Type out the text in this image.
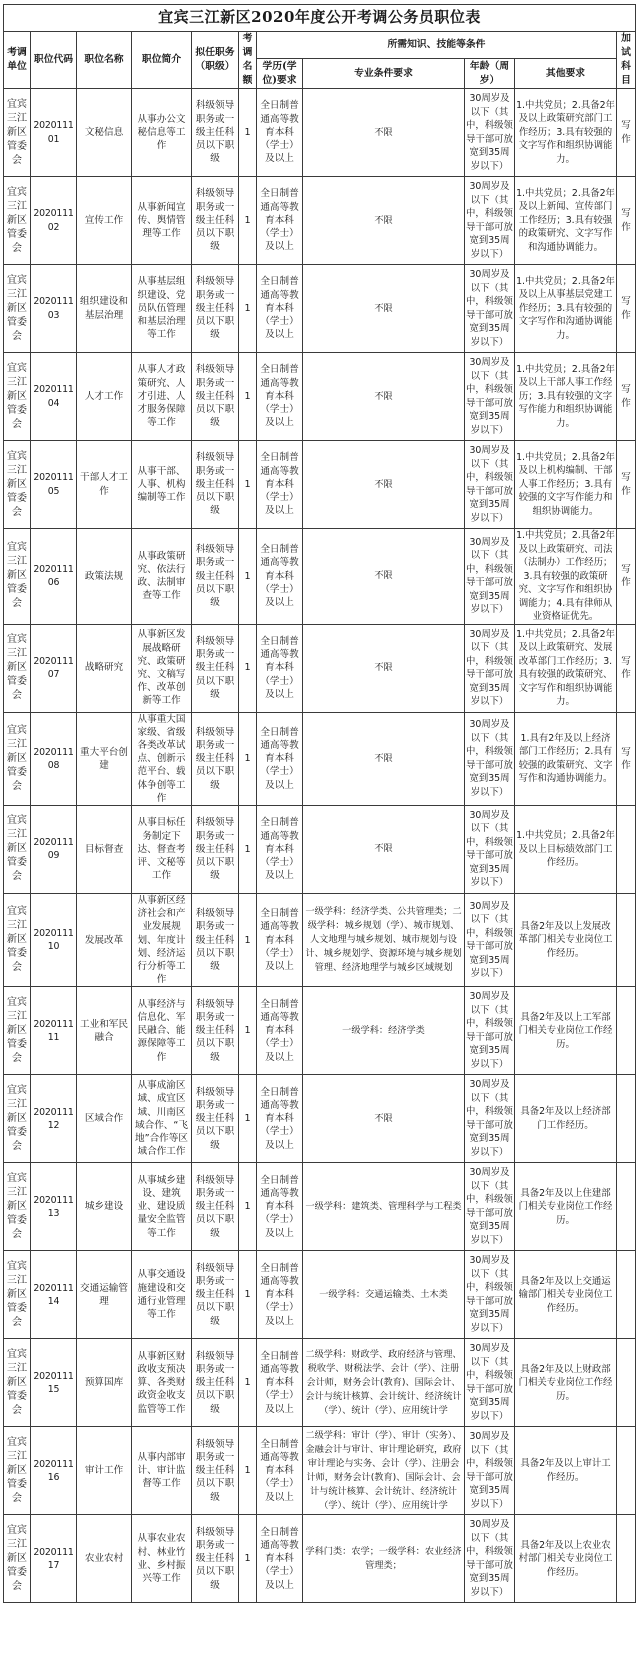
宜宾三江新区2020年度公开考调公务员职位表										
考调单位	职位代码	职位名称	职位简介	拟任职务（职级）	考调名额	所需知识、技能等条件				加试科目
						学历(学位)要求	专业条件要求	年龄（周岁）	其他要求	
宜宾三江新区管委会	202011101	文秘信息	从事办公文秘信息等工作	科级领导职务或一级主任科员以下职级	1	全日制普通高等教育本科（学士）及以上	不限	30周岁及以下（其中，科级领导干部可放宽到35周岁以下）	1.中共党员；2.具备2年及以上政策研究部门工作经历；3.具有较强的文字写作和组织协调能力。	写作
宜宾三江新区管委会	202011102	宣传工作	从事新闻宣传、舆情管理等工作	科级领导职务或一级主任科员以下职级	1	全日制普通高等教育本科（学士）及以上	不限	30周岁及以下（其中，科级领导干部可放宽到35周岁以下）	1.中共党员；2.具备2年及以上新闻、宣传部门工作经历；3.具有较强的政策研究、文字写作和沟通协调能力。	写作
宜宾三江新区管委会	202011103	组织建设和基层治理	从事基层组织建设、党员队伍管理和基层治理等工作	科级领导职务或一级主任科员以下职级	1	全日制普通高等教育本科（学士）及以上	不限	30周岁及以下（其中，科级领导干部可放宽到35周岁以下）	1.中共党员；2.具备2年及以上从事基层党建工作经历；3.具有较强的文字写作和沟通协调能力。	写作
宜宾三江新区管委会	202011104	人才工作	从事人才政策研究、人才引进、人才服务保障等工作	科级领导职务或一级主任科员以下职级	1	全日制普通高等教育本科（学士）及以上	不限	30周岁及以下（其中，科级领导干部可放宽到35周岁以下）	1.中共党员；2.具备2年及以上干部人事工作经历；3.具有较强的文字写作能力和组织协调能力。	写作
宜宾三江新区管委会	202011105	干部人才工作	从事干部、人事、机构编制等工作	科级领导职务或一级主任科员以下职级	1	全日制普通高等教育本科（学士）及以上	不限	30周岁及以下（其中，科级领导干部可放宽到35周岁以下）	1.中共党员；2.具备2年及以上机构编制、干部人事工作经历；3.具有较强的文字写作能力和组织协调能力。	写作
宜宾三江新区管委会	202011106	政策法规	从事政策研究、依法行政、法制审查等工作	科级领导职务或一级主任科员以下职级	1	全日制普通高等教育本科（学士）及以上	不限	30周岁及以下（其中，科级领导干部可放宽到35周岁以下）	1.中共党员；2.具备2年及以上政策研究、司法（法制办）工作经历；3.具有较强的政策研究、文字写作和组织协调能力；4.具有律师从业资格证优先。	写作
宜宾三江新区管委会	202011107	战略研究	从事新区发展战略研究、政策研究、文稿写作、改革创新等工作	科级领导职务或一级主任科员以下职级	1	全日制普通高等教育本科（学士）及以上	不限	30周岁及以下（其中，科级领导干部可放宽到35周岁以下）	1.中共党员；2.具备2年及以上政策研究、发展改革部门工作经历；3.具有较强的政策研究、文字写作和组织协调能力。	写作
宜宾三江新区管委会	202011108	重大平台创建	从事重大国家级、省级各类改革试点、创新示范平台、载体争创等工作	科级领导职务或一级主任科员以下职级	1	全日制普通高等教育本科（学士）及以上	不限	30周岁及以下（其中，科级领导干部可放宽到35周岁以下）	1.具有2年及以上经济部门工作经历；2.具有较强的政策研究、文字写作和沟通协调能力。	写作
宜宾三江新区管委会	202011109	目标督查	从事目标任务制定下达、督查考评、文秘等工作	科级领导职务或一级主任科员以下职级	1	全日制普通高等教育本科（学士）及以上	不限	30周岁及以下（其中，科级领导干部可放宽到35周岁以下）	1.中共党员；2.具备2年及以上目标绩效部门工作经历。	
宜宾三江新区管委会	202011110	发展改革	从事新区经济社会和产业发展规划、年度计划、经济运行分析等工作	科级领导职务或一级主任科员以下职级	1	全日制普通高等教育本科（学士）及以上	一级学科：经济学类、公共管理类；二级学科：城乡规划（学）、城市规划、人文地理与城乡规划、城市规划与设计、城乡规划学、资源环境与城乡规划管理、经济地理学与城乡区域规划	30周岁及以下（其中，科级领导干部可放宽到35周岁以下）	具备2年及以上发展改革部门相关专业岗位工作经历。	
宜宾三江新区管委会	202011111	工业和军民融合	从事经济与信息化、军民融合、能源保障等工作	科级领导职务或一级主任科员以下职级	1	全日制普通高等教育本科（学士）及以上	一级学科：经济学类	30周岁及以下（其中，科级领导干部可放宽到35周岁以下）	具备2年及以上工军部门相关专业岗位工作经历。	
宜宾三江新区管委会	202011112	区域合作	从事成渝区域、成宜区域、川南区域合作、“飞地”合作等区域合作工作	科级领导职务或一级主任科员以下职级	1	全日制普通高等教育本科（学士）及以上	不限	30周岁及以下（其中，科级领导干部可放宽到35周岁以下）	具备2年及以上经济部门工作经历。	
宜宾三江新区管委会	202011113	城乡建设	从事城乡建设、建筑业、建设质量安全监管等工作	科级领导职务或一级主任科员以下职级	1	全日制普通高等教育本科（学士）及以上	一级学科：建筑类、管理科学与工程类	30周岁及以下（其中，科级领导干部可放宽到35周岁以下）	具备2年及以上住建部门相关专业岗位工作经历。	
宜宾三江新区管委会	202011114	交通运输管理	从事交通设施建设和交通行业管理等工作	科级领导职务或一级主任科员以下职级	1	全日制普通高等教育本科（学士）及以上	一级学科：交通运输类、土木类	30周岁及以下（其中，科级领导干部可放宽到35周岁以下）	具备2年及以上交通运输部门相关专业岗位工作经历。	
宜宾三江新区管委会	202011115	预算国库	从事新区财政收支预决算、各类财政资金收支监管等工作	科级领导职务或一级主任科员以下职级	1	全日制普通高等教育本科（学士）及以上	二级学科：财政学、政府经济与管理、税收学、财税法学、会计（学）、注册会计师，财务会计(教育)、国际会计、会计与统计核算、会计统计、经济统计（学）、统计（学）、应用统计学	30周岁及以下（其中，科级领导干部可放宽到35周岁以下）	具备2年及以上财政部门相关专业岗位工作经历。	
宜宾三江新区管委会	202011116	审计工作	从事内部审计、审计监督等工作	科级领导职务或一级主任科员以下职级	1	全日制普通高等教育本科（学士）及以上	二级学科：审计（学）、审计（实务）、金融会计与审计、审计理论研究，政府审计理论与实务、会计（学）、注册会计师，财务会计(教育)、国际会计、会计与统计核算、会计统计、经济统计（学）、统计（学）、应用统计学	30周岁及以下（其中，科级领导干部可放宽到35周岁以下）	具备2年及以上审计工作经历。	
宜宾三江新区管委会	202011117	农业农村	从事农业农村、林业竹业、乡村振兴等工作	科级领导职务或一级主任科员以下职级	1	全日制普通高等教育本科（学士）及以上	学科门类：农学；一级学科：农业经济管理类；	30周岁及以下（其中，科级领导干部可放宽到35周岁以下）	具备2年及以上农业农村部门相关专业岗位工作经历。	
